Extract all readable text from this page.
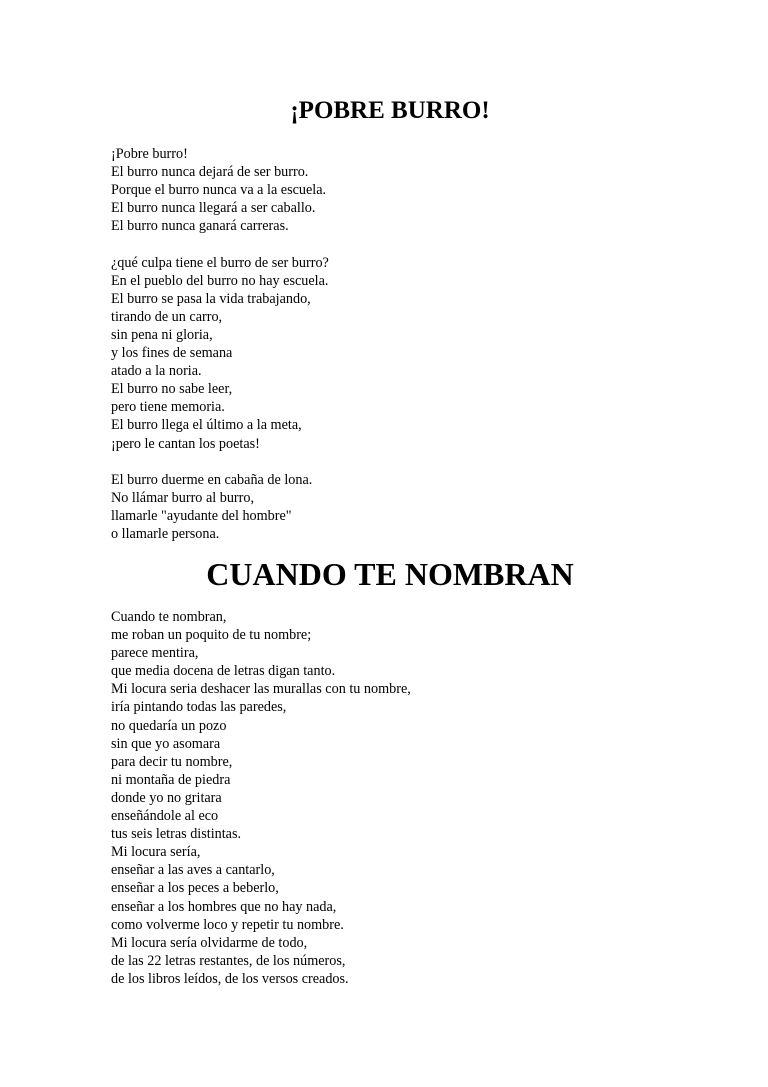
¡POBRE BURRO!
¡Pobre burro!
El burro nunca dejará de ser burro.
Porque el burro nunca va a la escuela.
El burro nunca llegará a ser caballo.
El burro nunca ganará carreras.
¿qué culpa tiene el burro de ser burro?
En el pueblo del burro no hay escuela.
El burro se pasa la vida trabajando,
tirando de un carro,
sin pena ni gloria,
y los fines de semana
atado a la noria.
El burro no sabe leer,
pero tiene memoria.
El burro llega el último a la meta,
¡pero le cantan los poetas!
El burro duerme en cabaña de lona.
No llámar burro al burro,
llamarle "ayudante del hombre"
o llamarle persona.
CUANDO TE NOMBRAN
Cuando te nombran,
me roban un poquito de tu nombre;
parece mentira,
que media docena de letras digan tanto.
Mi locura seria deshacer las murallas con tu nombre,
iría pintando todas las paredes,
no quedaría un pozo
sin que yo asomara
para decir tu nombre,
ni montaña de piedra
donde yo no gritara
enseñándole al eco
tus seis letras distintas.
Mi locura sería,
enseñar a las aves a cantarlo,
enseñar a los peces a beberlo,
enseñar a los hombres que no hay nada,
como volverme loco y repetir tu nombre.
Mi locura sería olvidarme de todo,
de las 22 letras restantes, de los números,
de los libros leídos, de los versos creados.
